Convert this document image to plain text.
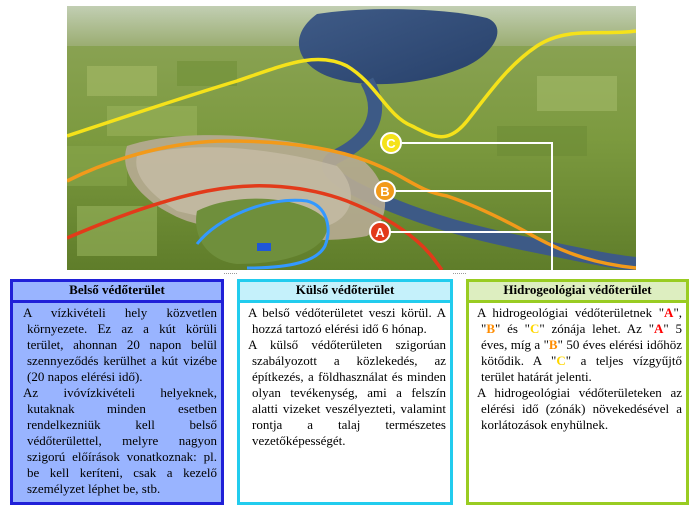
C
B
A
Belső védőterület

A vízkivételi hely közvetlen környezete. Ez az a kút körüli terület, ahonnan 20 napon belül szennyeződés kerülhet a kút vizébe (20 napos elérési idő).

Az ivóvízkivételi helyeknek, kutaknak minden esetben rendelkezniük kell belső védőterülettel, melyre nagyon szigorú előírások vonatkoznak: pl. be kell keríteni, csak a kezelő személyzet léphet be, stb.

Külső védőterület

A belső védőterületet veszi körül. A hozzá tartozó elérési idő 6 hónap.

A külső védőterületen szigorúan szabályozott a közlekedés, az építkezés, a földhasználat és minden olyan tevékenység, ami a felszín alatti vizeket veszélyezteti, valamint rontja a talaj természetes vezetőképességét.

Hidrogeológiai védőterület

A hidrogeológiai védőterületnek "A", "B" és "C" zónája lehet. Az "A" 5 éves, míg a "B" 50 éves elérési időhöz kötődik. A "C" a teljes vízgyűjtő terület határát jelenti.

A hidrogeológiai védőterületeken az elérési idő (zónák) növekedésével a korlátozások enyhülnek.
